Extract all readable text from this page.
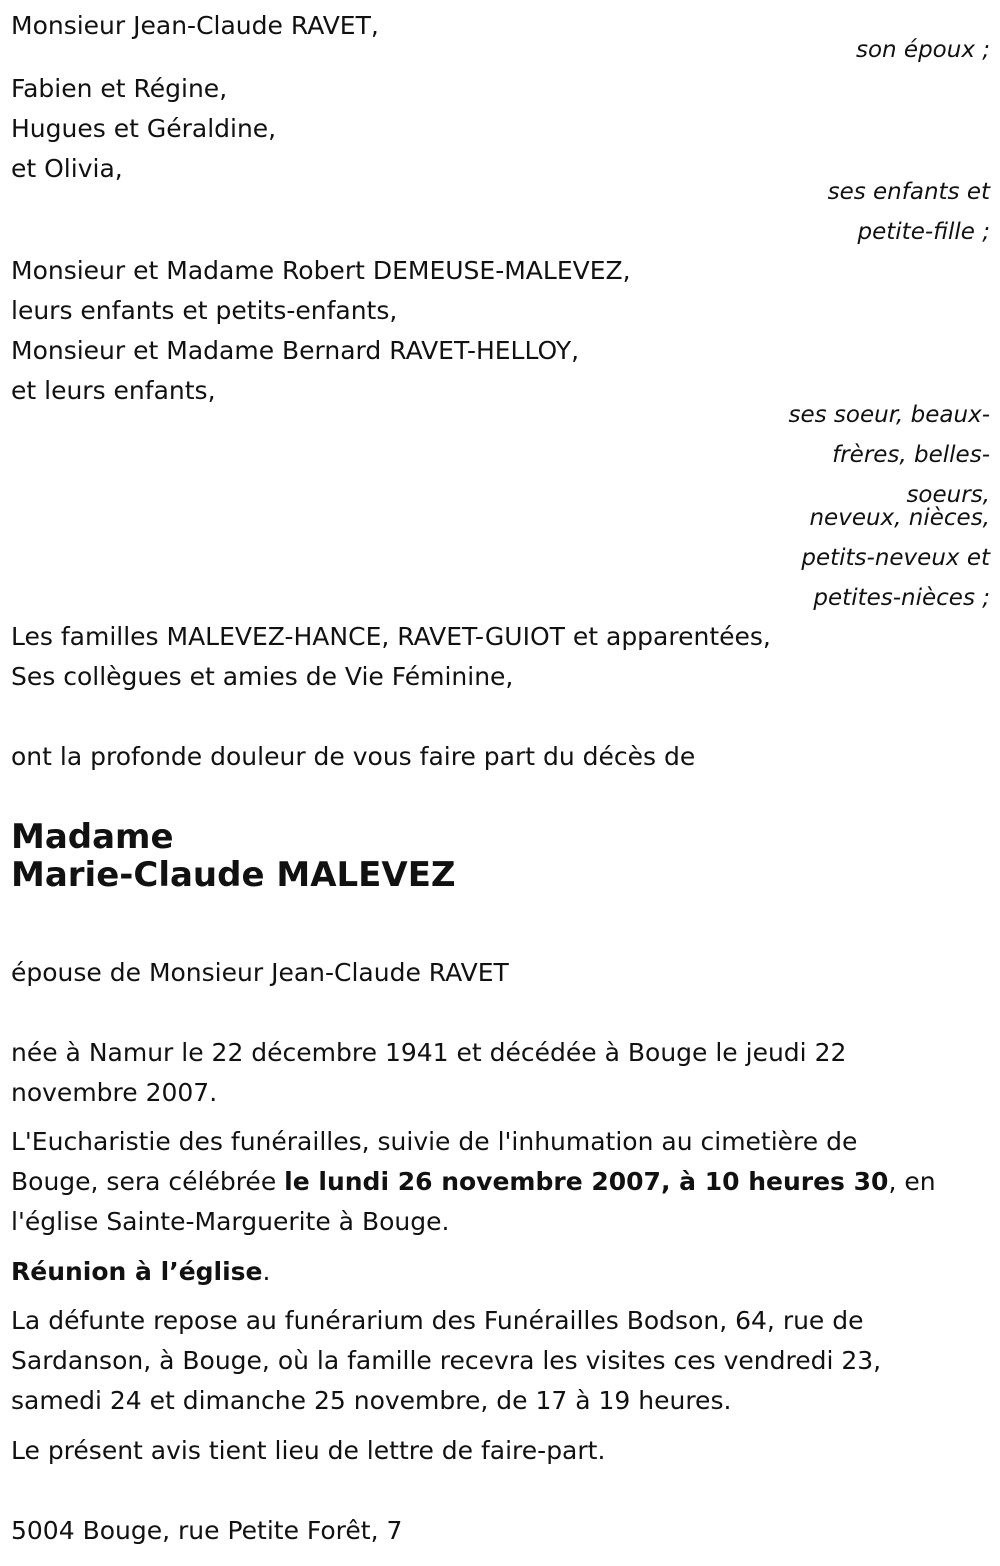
Monsieur Jean-Claude RAVET,
son époux ;

Fabien et Régine,

Hugues et Géraldine,

et Olivia,

ses enfants et
petite-fille ;

Monsieur et Madame Robert DEMEUSE-MALEVEZ,

leurs enfants et petits-enfants,

Monsieur et Madame Bernard RAVET-HELLOY,

et leurs enfants,

ses soeur, beaux-
frères, belles-
soeurs,
neveux, nièces,
petits-neveux et
petites-nièces ;

Les familles MALEVEZ-HANCE, RAVET-GUIOT et apparentées,

Ses collègues et amies de Vie Féminine,

ont la profonde douleur de vous faire part du décès de
Madame
Marie-Claude MALEVEZ
épouse de Monsieur Jean-Claude RAVET

née à Namur le 22 décembre 1941 et décédée à Bouge le jeudi 22

novembre 2007.

L'Eucharistie des funérailles, suivie de l'inhumation au cimetière de

Bouge, sera célébrée le lundi 26 novembre 2007, à 10 heures 30, en

l'église Sainte-Marguerite à Bouge.

Réunion à l’église.

La défunte repose au funérarium des Funérailles Bodson, 64, rue de

Sardanson, à Bouge, où la famille recevra les visites ces vendredi 23,

samedi 24 et dimanche 25 novembre, de 17 à 19 heures.

Le présent avis tient lieu de lettre de faire-part.
5004 Bouge, rue Petite Forêt, 7
